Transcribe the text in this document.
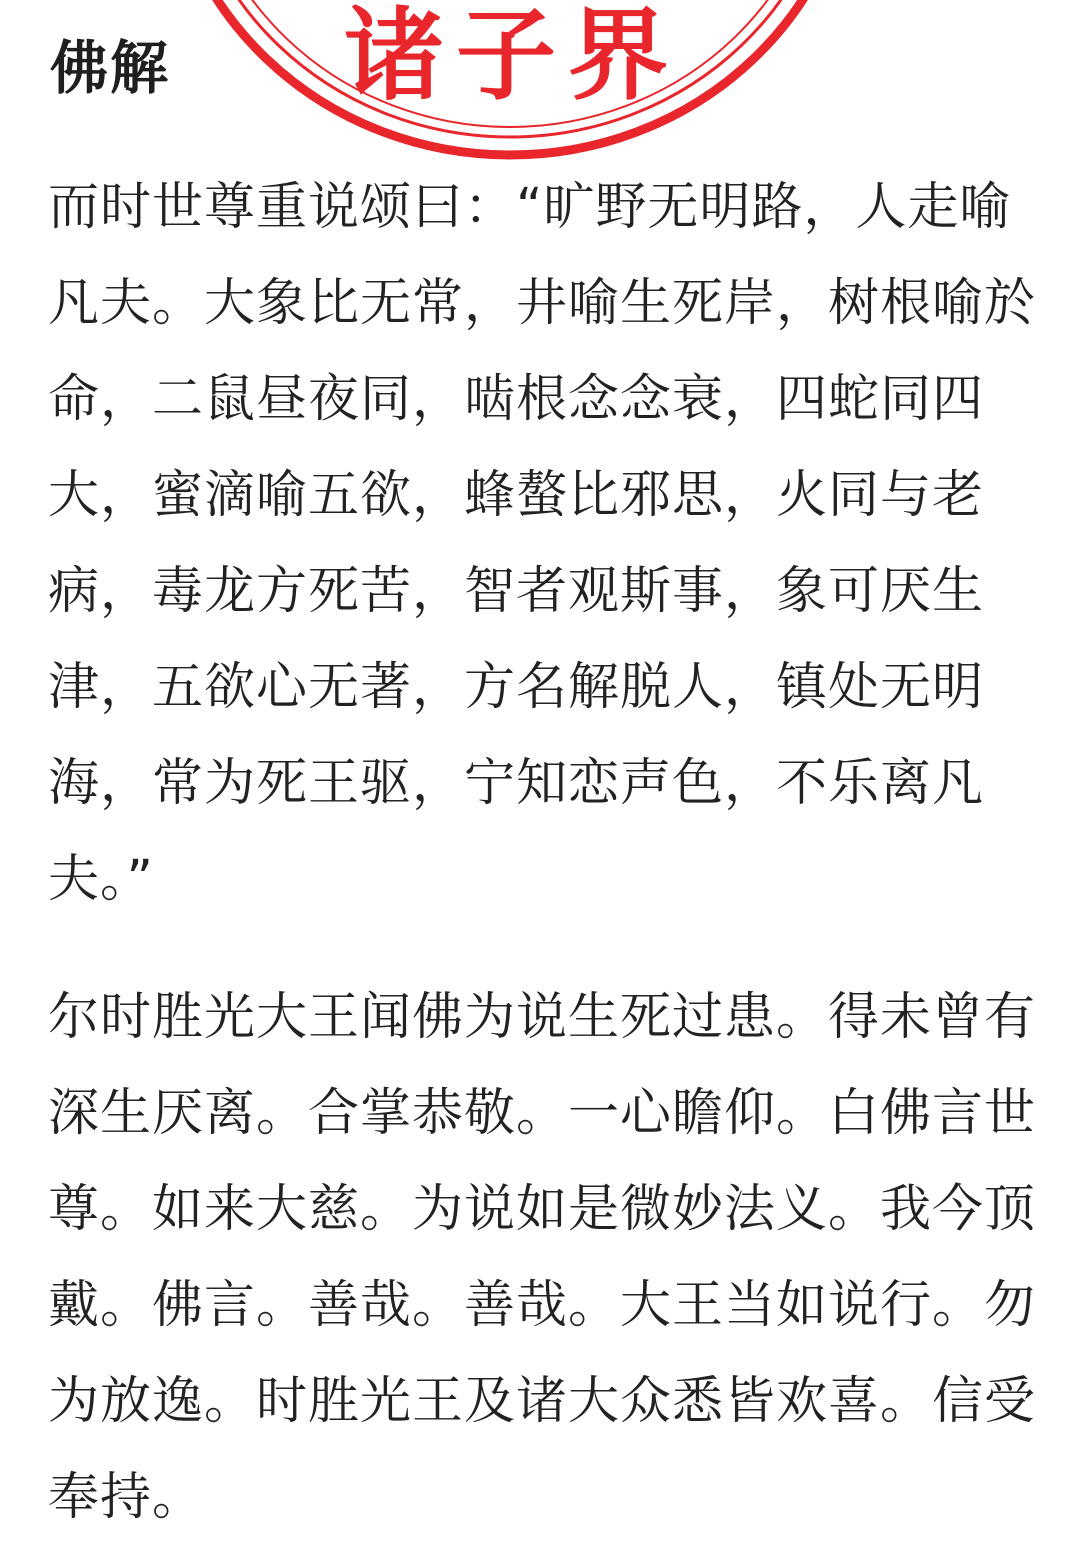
诸子界
佛解

而时世尊重说颂曰：“旷野无明路，人走喻凡夫。大象比无常，井喻生死岸，树根喻於命，二鼠昼夜同，啮根念念衰，四蛇同四大，蜜滴喻五欲，蜂螯比邪思，火同与老病，毒龙方死苦，智者观斯事，象可厌生津，五欲心无著，方名解脱人，镇处无明海，常为死王驱，宁知恋声色，不乐离凡夫。”

尔时胜光大王闻佛为说生死过患。得未曾有深生厌离。合掌恭敬。一心瞻仰。白佛言世尊。如来大慈。为说如是微妙法义。我今顶戴。佛言。善哉。善哉。大王当如说行。勿为放逸。时胜光王及诸大众悉皆欢喜。信受奉持。
